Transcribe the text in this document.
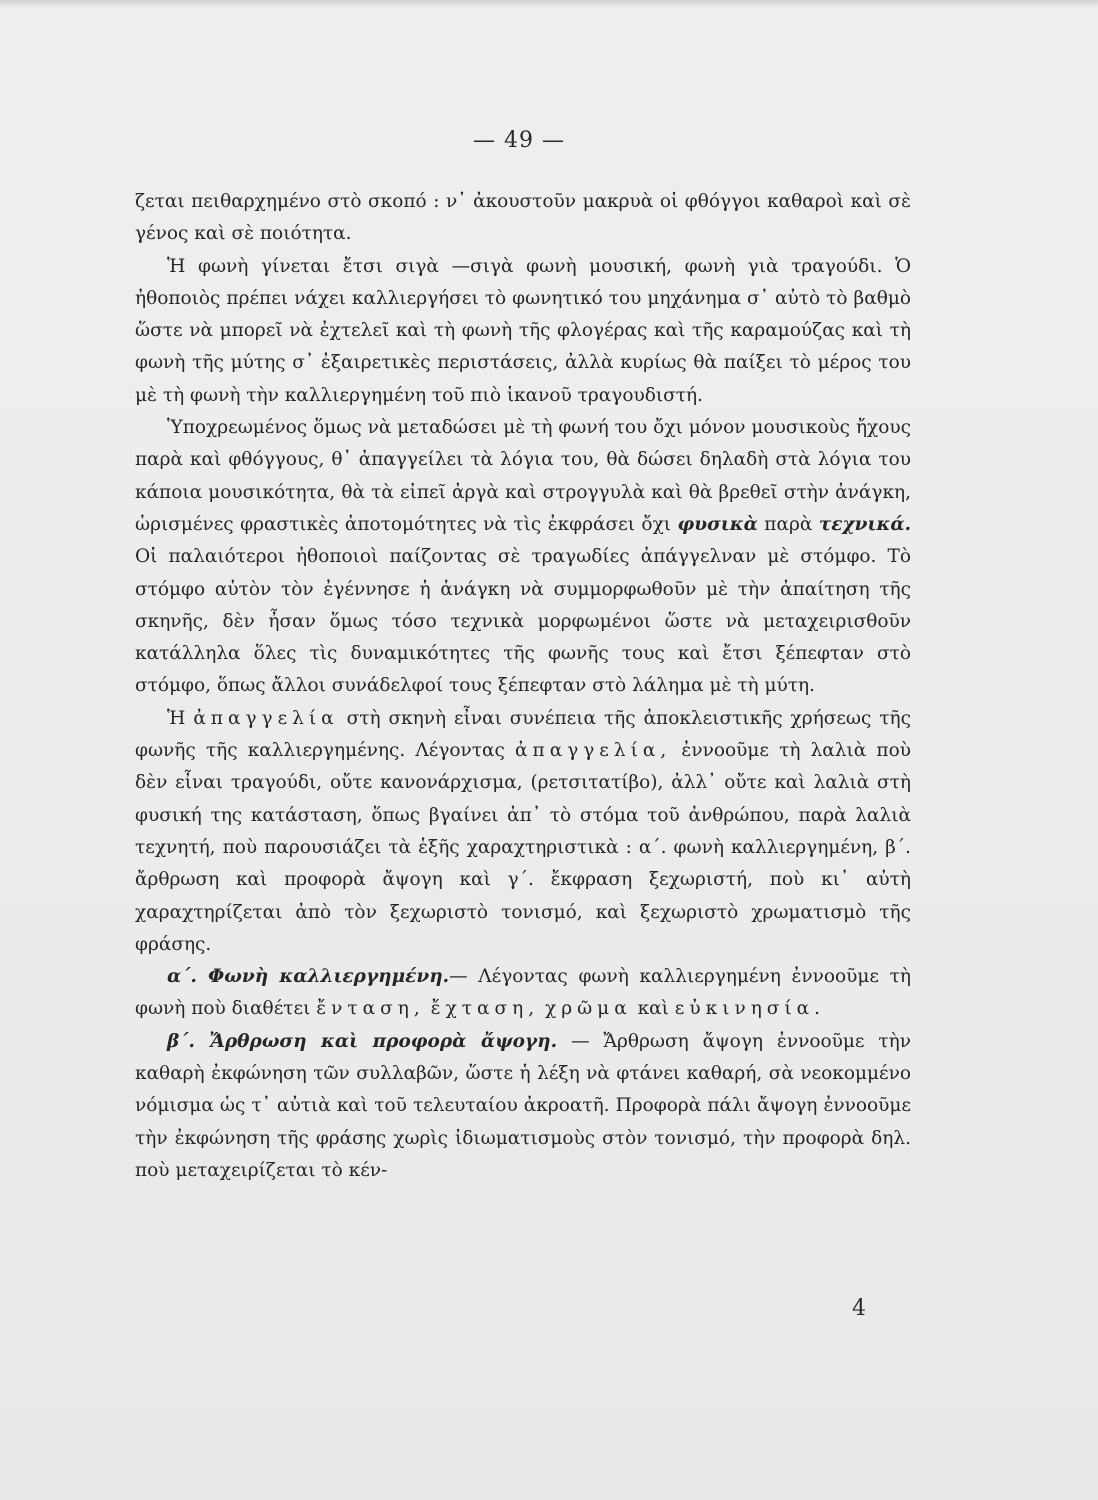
— 49 —

ζεται πειθαρχημένο στὸ σκοπό : ν᾿ ἀκουστοῦν μακρυὰ οἱ φθόγγοι καθαροὶ καὶ σὲ γένος καὶ σὲ ποιότητα.

Ἡ φωνὴ γίνεται ἔτσι σιγὰ —σιγὰ φωνὴ μουσική, φωνὴ γιὰ τραγούδι. Ὁ ἠθοποιὸς πρέπει νάχει καλλιεργήσει τὸ φωνητικό του μηχάνημα σ᾿ αὐτὸ τὸ βαθμὸ ὥστε νὰ μπορεῖ νὰ ἐχτελεῖ καὶ τὴ φωνὴ τῆς φλογέρας καὶ τῆς καραμούζας καὶ τὴ φωνὴ τῆς μύτης σ᾿ ἐξαιρετικὲς περιστάσεις, ἀλλὰ κυρίως θὰ παίξει τὸ μέρος του μὲ τὴ φωνὴ τὴν καλλιεργημένη τοῦ πιὸ ἱκανοῦ τραγουδιστή.

Ὑποχρεωμένος ὅμως νὰ μεταδώσει μὲ τὴ φωνή του ὄχι μόνον μουσικοὺς ἤχους παρὰ καὶ φθόγγους, θ᾿ ἀπαγγείλει τὰ λόγια του, θὰ δώσει δηλαδὴ στὰ λόγια του κάποια μουσικότητα, θὰ τὰ εἰπεῖ ἀργὰ καὶ στρογγυλὰ καὶ θὰ βρεθεῖ στὴν ἀνάγκη, ὡρισμένες φραστικὲς ἀποτομότητες νὰ τὶς ἐκφράσει ὄχι φυσικὰ παρὰ τεχνικά. Οἱ παλαιότεροι ἠθοποιοὶ παίζοντας σὲ τραγωδίες ἀπάγγελναν μὲ στόμφο. Τὸ στόμφο αὐτὸν τὸν ἐγέννησε ἡ ἀνάγκη νὰ συμμορφωθοῦν μὲ τὴν ἀπαίτηση τῆς σκηνῆς, δὲν ἦσαν ὅμως τόσο τεχνικὰ μορφωμένοι ὥστε νὰ μεταχειρισθοῦν κατάλληλα ὅλες τὶς δυναμικότητες τῆς φωνῆς τους καὶ ἔτσι ξέπεφταν στὸ στόμφο, ὅπως ἄλλοι συνάδελφοί τους ξέπεφταν στὸ λάλημα μὲ τὴ μύτη.

Ἡ ἀπαγγελία στὴ σκηνὴ εἶναι συνέπεια τῆς ἀποκλειστικῆς χρήσεως τῆς φωνῆς τῆς καλλιεργημένης. Λέγοντας ἀπαγγελία, ἐννοοῦμε τὴ λαλιὰ ποὺ δὲν εἶναι τραγούδι, οὔτε κανονάρχισμα, (ρετσιτατίβο), ἀλλ᾿ οὔτε καὶ λαλιὰ στὴ φυσική της κατάσταση, ὅπως βγαίνει ἀπ᾿ τὸ στόμα τοῦ ἀνθρώπου, παρὰ λαλιὰ τεχνητή, ποὺ παρουσιάζει τὰ ἑξῆς χαραχτηριστικὰ : α΄. φωνὴ καλλιεργημένη, β΄. ἄρθρωση καὶ προφορὰ ἄψογη καὶ γ΄. ἔκφραση ξεχωριστή, ποὺ κι᾿ αὐτὴ χαραχτηρίζεται ἀπὸ τὸν ξεχωριστὸ τονισμό, καὶ ξεχωριστὸ χρωματισμὸ τῆς φράσης.

α΄. Φωνὴ καλλιεργημένη.— Λέγοντας φωνὴ καλλιεργημένη ἐννοοῦμε τὴ φωνὴ ποὺ διαθέτει ἔνταση, ἔχταση, χρῶμα καὶ εὐκινησία.

β΄. Ἄρθρωση καὶ προφορὰ ἄψογη. — Ἄρθρωση ἄψογη ἐννοοῦμε τὴν καθαρὴ ἐκφώνηση τῶν συλλαβῶν, ὥστε ἡ λέξη νὰ φτάνει καθαρή, σὰ νεοκομμένο νόμισμα ὡς τ᾿ αὐτιὰ καὶ τοῦ τελευταίου ἀκροατῆ. Προφορὰ πάλι ἄψογη ἐννοοῦμε τὴν ἐκφώνηση τῆς φράσης χωρὶς ἰδιωματισμοὺς στὸν τονισμό, τὴν προφορὰ δηλ. ποὺ μεταχειρίζεται τὸ κέν-

4
